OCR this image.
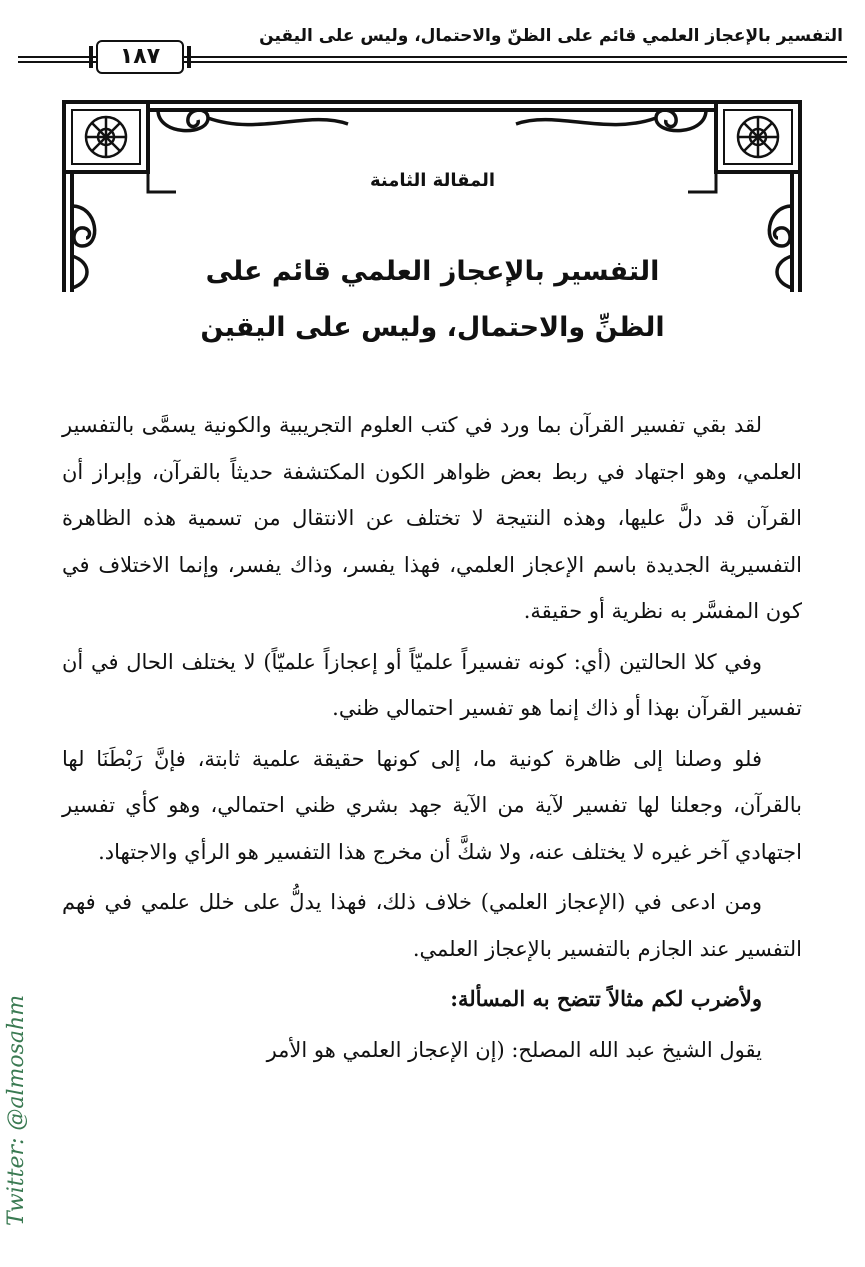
التفسير بالإعجاز العلمي قائم على الظنّ والاحتمال، وليس على اليقين
١٨٧
المقالة الثامنة
التفسير بالإعجاز العلمي قائم على
الظنِّ والاحتمال، وليس على اليقين

لقد بقي تفسير القرآن بما ورد في كتب العلوم التجريبية والكونية يسمَّى بالتفسير العلمي، وهو اجتهاد في ربط بعض ظواهر الكون المكتشفة حديثاً بالقرآن، وإبراز أن القرآن قد دلَّ عليها، وهذه النتيجة لا تختلف عن الانتقال من تسمية هذه الظاهرة التفسيرية الجديدة باسم الإعجاز العلمي، فهذا يفسر، وذاك يفسر، وإنما الاختلاف في كون المفسَّر به نظرية أو حقيقة.

وفي كلا الحالتين (أي: كونه تفسيراً علميّاً أو إعجازاً علميّاً) لا يختلف الحال في أن تفسير القرآن بهذا أو ذاك إنما هو تفسير احتمالي ظني.

فلو وصلنا إلى ظاهرة كونية ما، إلى كونها حقيقة علمية ثابتة، فإنَّ رَبْطَنَا لها بالقرآن، وجعلنا لها تفسير لآية من الآية جهد بشري ظني احتمالي، وهو كأي تفسير اجتهادي آخر غيره لا يختلف عنه، ولا شكَّ أن مخرج هذا التفسير هو الرأي والاجتهاد.

ومن ادعى في (الإعجاز العلمي) خلاف ذلك، فهذا يدلُّ على خلل علمي في فهم التفسير عند الجازم بالتفسير بالإعجاز العلمي.

ولأضرب لكم مثالاً تتضح به المسألة:

يقول الشيخ عبد الله المصلح: (إن الإعجاز العلمي هو الأمر

Twitter: @almosahm
